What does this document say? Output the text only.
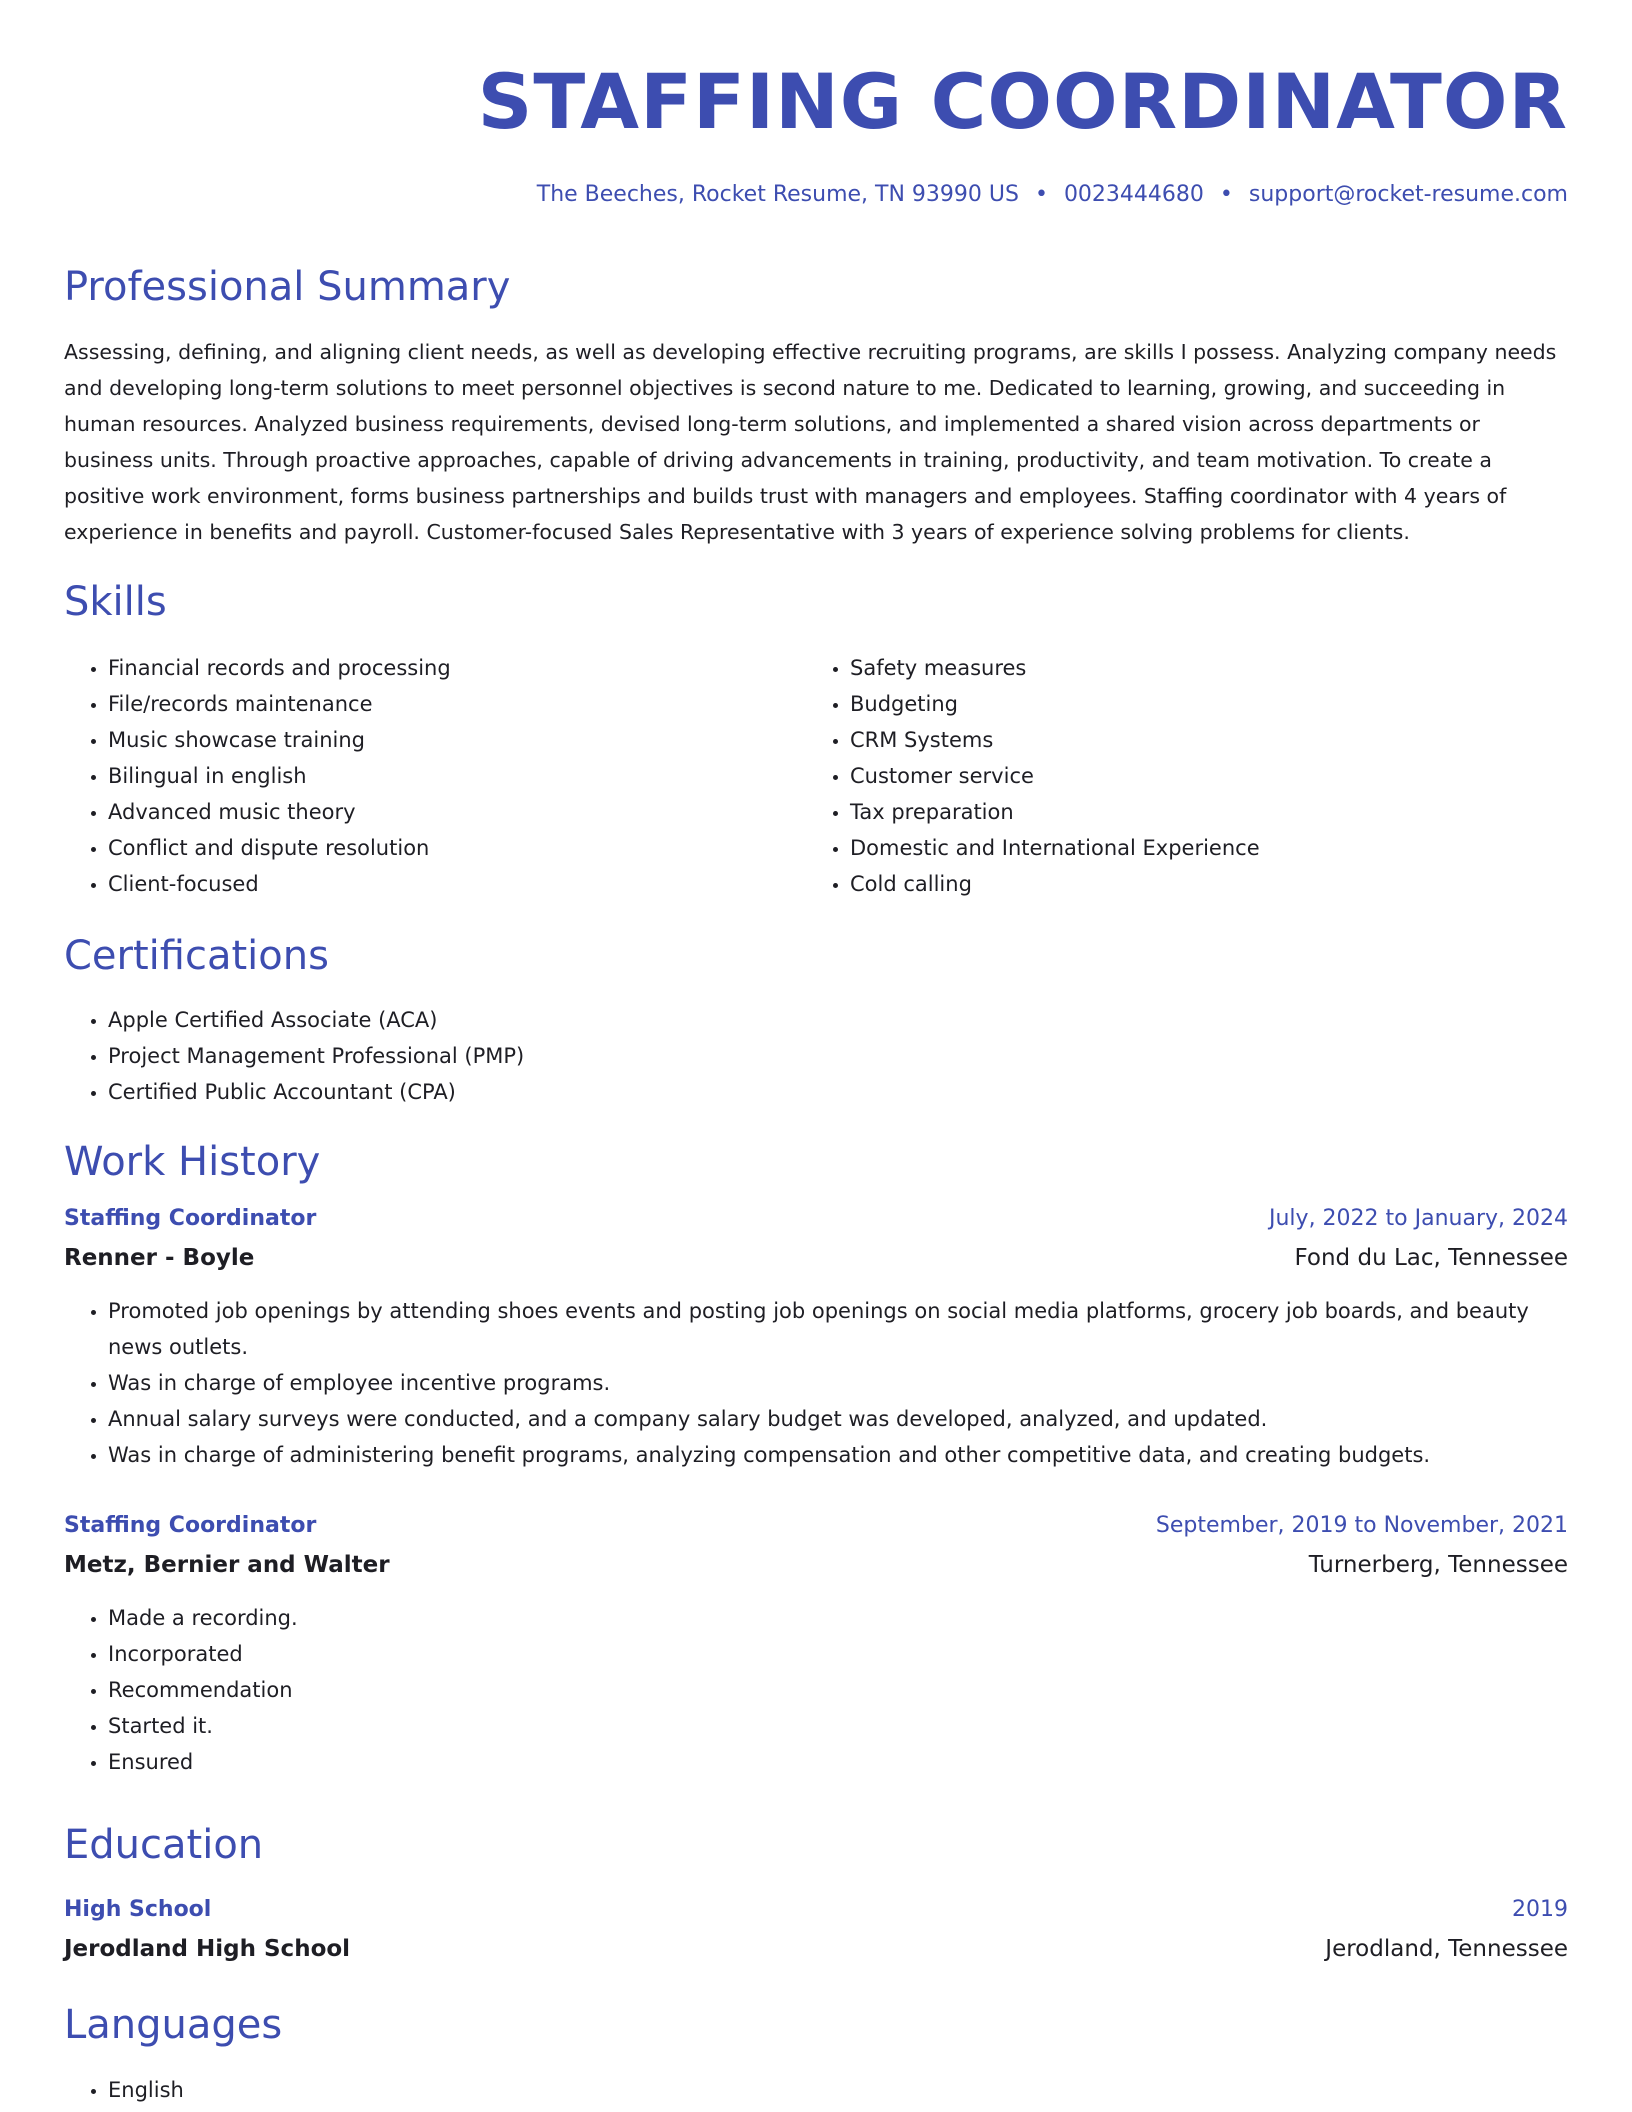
STAFFING COORDINATOR
The Beeches, Rocket Resume, TN 93990 US • 0023444680 • support@rocket-resume.com
Professional Summary

Assessing, defining, and aligning client needs, as well as developing effective recruiting programs, are skills I possess. Analyzing company needs and developing long-term solutions to meet personnel objectives is second nature to me. Dedicated to learning, growing, and succeeding in human resources. Analyzed business requirements, devised long-term solutions, and implemented a shared vision across departments or business units. Through proactive approaches, capable of driving advancements in training, productivity, and team motivation. To create a positive work environment, forms business partnerships and builds trust with managers and employees. Staffing coordinator with 4 years of experience in benefits and payroll. Customer-focused Sales Representative with 3 years of experience solving problems for clients.

Skills
• Financial records and processing
• File/records maintenance
• Music showcase training
• Bilingual in english
• Advanced music theory
• Conflict and dispute resolution
• Client-focused
• Safety measures
• Budgeting
• CRM Systems
• Customer service
• Tax preparation
• Domestic and International Experience
• Cold calling
Certifications
• Apple Certified Associate (ACA)
• Project Management Professional (PMP)
• Certified Public Accountant (CPA)
Work History
Staffing Coordinator	July, 2022 to January, 2024
Renner - Boyle	Fond du Lac, Tennessee
• Promoted job openings by attending shoes events and posting job openings on social media platforms, grocery job boards, and beauty news outlets.
• Was in charge of employee incentive programs.
• Annual salary surveys were conducted, and a company salary budget was developed, analyzed, and updated.
• Was in charge of administering benefit programs, analyzing compensation and other competitive data, and creating budgets.
Staffing Coordinator	September, 2019 to November, 2021
Metz, Bernier and Walter	Turnerberg, Tennessee
• Made a recording.
• Incorporated
• Recommendation
• Started it.
• Ensured
Education
High School	2019
Jerodland High School	Jerodland, Tennessee
Languages
• English
